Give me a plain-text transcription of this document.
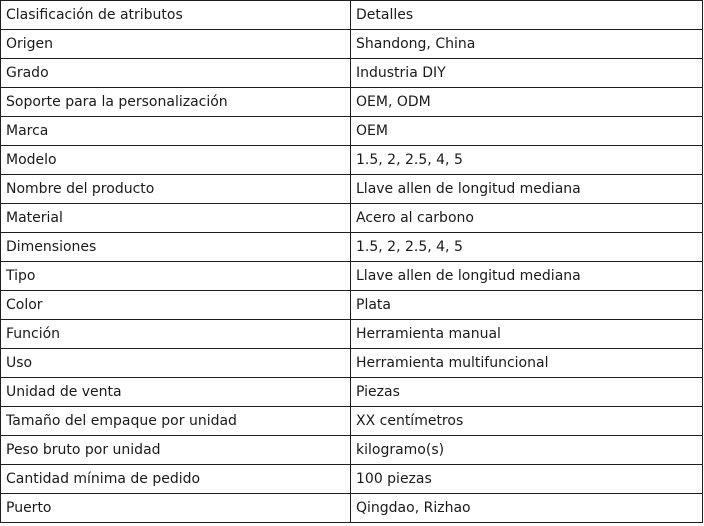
Clasificación de atributos	Detalles
Origen	Shandong, China
Grado	Industria DIY
Soporte para la personalización	OEM, ODM
Marca	OEM
Modelo	1.5, 2, 2.5, 4, 5
Nombre del producto	Llave allen de longitud mediana
Material	Acero al carbono
Dimensiones	1.5, 2, 2.5, 4, 5
Tipo	Llave allen de longitud mediana
Color	Plata
Función	Herramienta manual
Uso	Herramienta multifuncional
Unidad de venta	Piezas
Tamaño del empaque por unidad	XX centímetros
Peso bruto por unidad	kilogramo(s)
Cantidad mínima de pedido	100 piezas
Puerto	Qingdao, Rizhao
